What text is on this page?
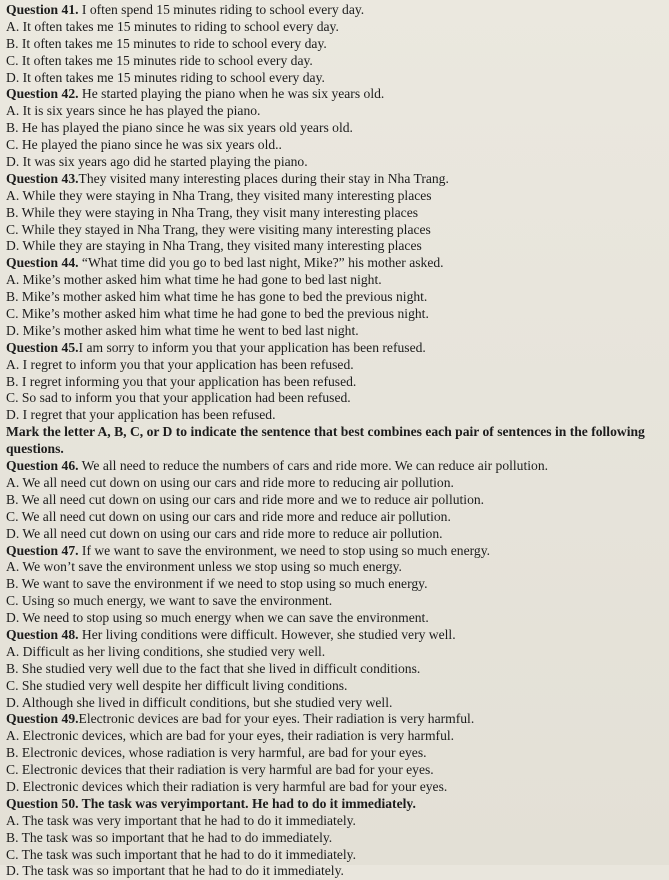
Question 41. I often spend 15 minutes riding to school every day.
A. It often takes me 15 minutes to riding to school every day.
B. It often takes me 15 minutes to ride to school every day.
C. It often takes me 15 minutes ride to school every day.
D. It often takes me 15 minutes riding to school every day.
Question 42. He started playing the piano when he was six years old.
A. It is six years since he has played the piano.
B. He has played the piano since he was six years old years old.
C. He played the piano since he was six years old..
D. It was six years ago did he started playing the piano.
Question 43.They visited many interesting places during their stay in Nha Trang.
A. While they were staying in Nha Trang, they visited many interesting places
B. While they were staying in Nha Trang, they visit many interesting places
C. While they stayed in Nha Trang, they were visiting many interesting places
D. While they are staying in Nha Trang, they visited many interesting places
Question 44. “What time did you go to bed last night, Mike?” his mother asked.
A. Mike’s mother asked him what time he had gone to bed last night.
B. Mike’s mother asked him what time he has gone to bed the previous night.
C. Mike’s mother asked him what time he had gone to bed the previous night.
D. Mike’s mother asked him what time he went to bed last night.
Question 45.I am sorry to inform you that your application has been refused.
A. I regret to inform you that your application has been refused.
B. I regret informing you that your application has been refused.
C. So sad to inform you that your application had been refused.
D. I regret that your application has been refused.
Mark the letter A, B, C, or D to indicate the sentence that best combines each pair of sentences in the following
questions.
Question 46. We all need to reduce the numbers of cars and ride more. We can reduce air pollution.
A. We all need cut down on using our cars and ride more to reducing air pollution.
B. We all need cut down on using our cars and ride more and we to reduce air pollution.
C. We all need cut down on using our cars and ride more and reduce air pollution.
D. We all need cut down on using our cars and ride more to reduce air pollution.
Question 47. If we want to save the environment, we need to stop using so much energy.
A. We won’t save the environment unless we stop using so much energy.
B. We want to save the environment if we need to stop using so much energy.
C. Using so much energy, we want to save the environment.
D. We need to stop using so much energy when we can save the environment.
Question 48. Her living conditions were difficult. However, she studied very well.
A. Difficult as her living conditions, she studied very well.
B. She studied very well due to the fact that she lived in difficult conditions.
C. She studied very well despite her difficult living conditions.
D. Although she lived in difficult conditions, but she studied very well.
Question 49.Electronic devices are bad for your eyes. Their radiation is very harmful.
A. Electronic devices, which are bad for your eyes, their radiation is very harmful.
B. Electronic devices, whose radiation is very harmful, are bad for your eyes.
C. Electronic devices that their radiation is very harmful are bad for your eyes.
D. Electronic devices which their radiation is very harmful are bad for your eyes.
Question 50. The task was veryimportant. He had to do it immediately.
A. The task was very important that he had to do it immediately.
B. The task was so important that he had to do immediately.
C. The task was such important that he had to do it immediately.
D. The task was so important that he had to do it immediately.
